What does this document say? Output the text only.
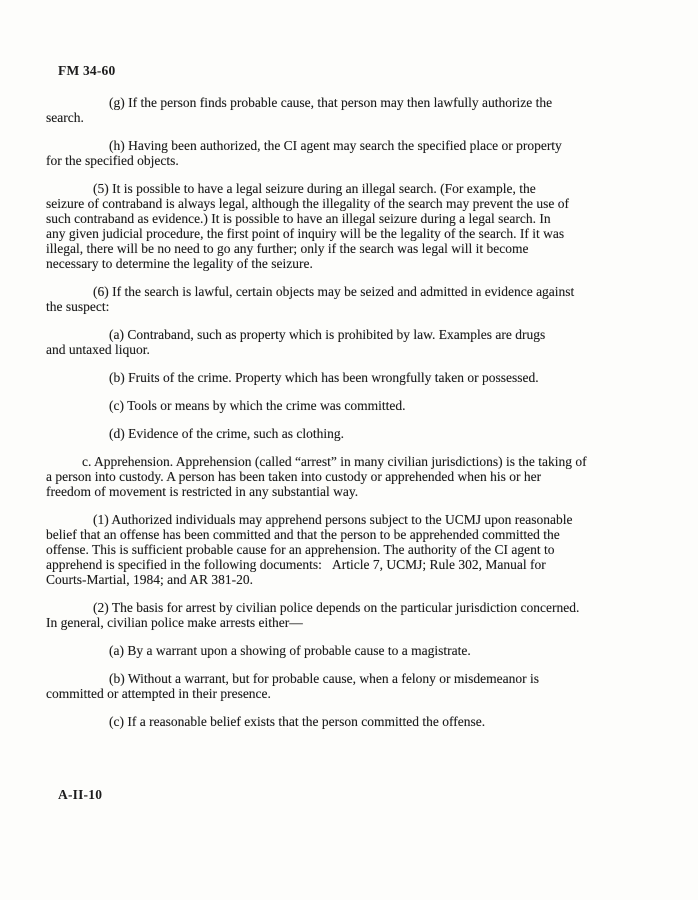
FM 34-60

(g) If the person finds probable cause, that person may then lawfully authorize the
search.

(h) Having been authorized, the CI agent may search the specified place or property
for the specified objects.

(5) It is possible to have a legal seizure during an illegal search. (For example, the
seizure of contraband is always legal, although the illegality of the search may prevent the use of
such contraband as evidence.) It is possible to have an illegal seizure during a legal search. In
any given judicial procedure, the first point of inquiry will be the legality of the search. If it was
illegal, there will be no need to go any further; only if the search was legal will it become
necessary to determine the legality of the seizure.

(6) If the search is lawful, certain objects may be seized and admitted in evidence against
the suspect:

(a) Contraband, such as property which is prohibited by law. Examples are drugs
and untaxed liquor.

(b) Fruits of the crime. Property which has been wrongfully taken or possessed.

(c) Tools or means by which the crime was committed.

(d) Evidence of the crime, such as clothing.

c. Apprehension. Apprehension (called “arrest” in many civilian jurisdictions) is the taking of
a person into custody. A person has been taken into custody or apprehended when his or her
freedom of movement is restricted in any substantial way.

(1) Authorized individuals may apprehend persons subject to the UCMJ upon reasonable
belief that an offense has been committed and that the person to be apprehended committed the
offense. This is sufficient probable cause for an apprehension. The authority of the CI agent to
apprehend is specified in the following documents:   Article 7, UCMJ; Rule 302, Manual for
Courts-Martial, 1984; and AR 381-20.

(2) The basis for arrest by civilian police depends on the particular jurisdiction concerned.
In general, civilian police make arrests either—

(a) By a warrant upon a showing of probable cause to a magistrate.

(b) Without a warrant, but for probable cause, when a felony or misdemeanor is
committed or attempted in their presence.

(c) If a reasonable belief exists that the person committed the offense.

A-II-10
